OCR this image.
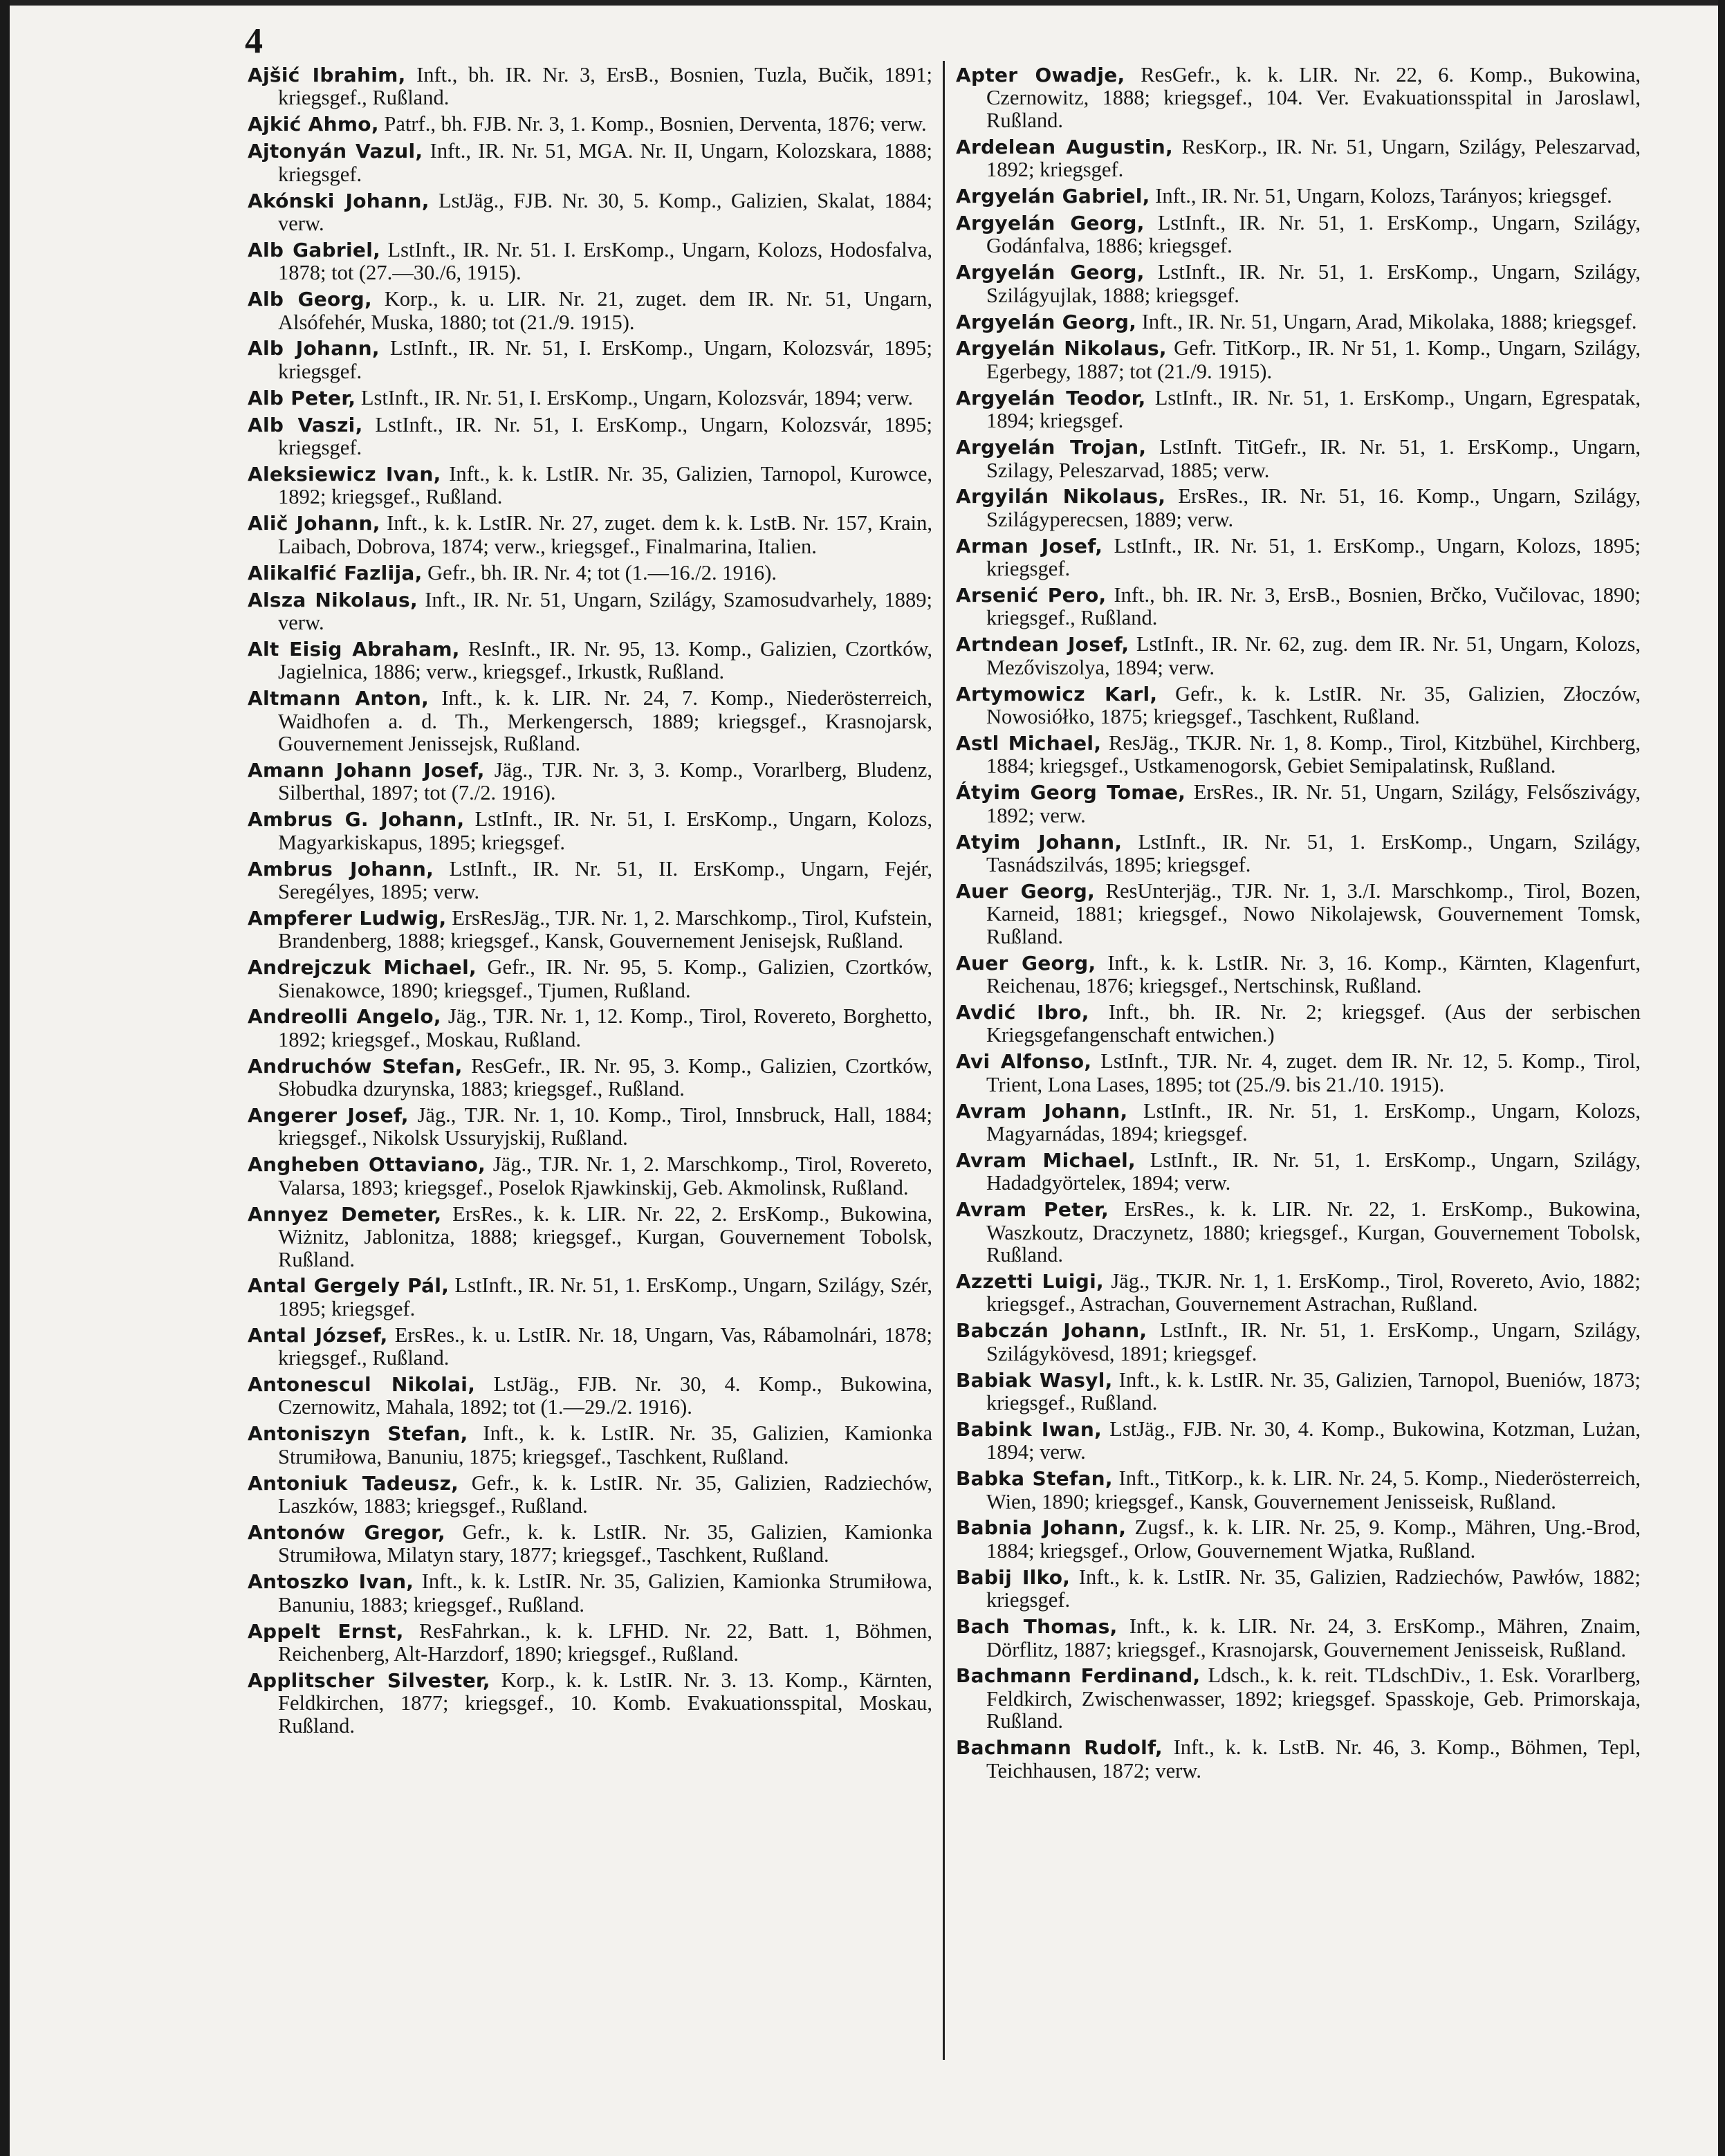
4

Ajšić Ibrahim, Inft., bh. IR. Nr. 3, ErsB., Bosnien, Tuzla, Bučik, 1891; kriegsgef., Rußland.

Ajkić Ahmo, Patrf., bh. FJB. Nr. 3, 1. Komp., Bosnien, Derventa, 1876; verw.

Ajtonyán Vazul, Inft., IR. Nr. 51, MGA. Nr. II, Ungarn, Kolozskara, 1888; kriegsgef.

Akónski Johann, LstJäg., FJB. Nr. 30, 5. Komp., Galizien, Skalat, 1884; verw.

Alb Gabriel, LstInft., IR. Nr. 51. I. ErsKomp., Ungarn, Kolozs, Hodosfalva, 1878; tot (27.—30./6, 1915).

Alb Georg, Korp., k. u. LIR. Nr. 21, zuget. dem IR. Nr. 51, Ungarn, Alsófehér, Muska, 1880; tot (21./9. 1915).

Alb Johann, LstInft., IR. Nr. 51, I. ErsKomp., Ungarn, Kolozsvár, 1895; kriegsgef.

Alb Peter, LstInft., IR. Nr. 51, I. ErsKomp., Ungarn, Kolozsvár, 1894; verw.

Alb Vaszi, LstInft., IR. Nr. 51, I. ErsKomp., Ungarn, Kolozsvár, 1895; kriegsgef.

Aleksiewicz Ivan, Inft., k. k. LstIR. Nr. 35, Galizien, Tarnopol, Kurowce, 1892; kriegsgef., Rußland.

Alič Johann, Inft., k. k. LstIR. Nr. 27, zuget. dem k. k. LstB. Nr. 157, Krain, Laibach, Dobrova, 1874; verw., kriegsgef., Finalmarina, Italien.

Alikalfić Fazlija, Gefr., bh. IR. Nr. 4; tot (1.—16./2. 1916).

Alsza Nikolaus, Inft., IR. Nr. 51, Ungarn, Szilágy, Szamosudvarhely, 1889; verw.

Alt Eisig Abraham, ResInft., IR. Nr. 95, 13. Komp., Galizien, Czortków, Jagielnica, 1886; verw., kriegsgef., Irkustk, Rußland.

Altmann Anton, Inft., k. k. LIR. Nr. 24, 7. Komp., Niederösterreich, Waidhofen a. d. Th., Merkengersch, 1889; kriegsgef., Krasnojarsk, Gouvernement Jenissejsk, Rußland.

Amann Johann Josef, Jäg., TJR. Nr. 3, 3. Komp., Vorarlberg, Bludenz, Silberthal, 1897; tot (7./2. 1916).

Ambrus G. Johann, LstInft., IR. Nr. 51, I. ErsKomp., Ungarn, Kolozs, Magyarkiskapus, 1895; kriegsgef.

Ambrus Johann, LstInft., IR. Nr. 51, II. ErsKomp., Ungarn, Fejér, Seregélyes, 1895; verw.

Ampferer Ludwig, ErsResJäg., TJR. Nr. 1, 2. Marschkomp., Tirol, Kufstein, Brandenberg, 1888; kriegsgef., Kansk, Gouvernement Jenisejsk, Rußland.

Andrejczuk Michael, Gefr., IR. Nr. 95, 5. Komp., Galizien, Czortków, Sienakowce, 1890; kriegsgef., Tjumen, Rußland.

Andreolli Angelo, Jäg., TJR. Nr. 1, 12. Komp., Tirol, Rovereto, Borghetto, 1892; kriegsgef., Moskau, Rußland.

Andruchów Stefan, ResGefr., IR. Nr. 95, 3. Komp., Galizien, Czortków, Słobudka dzurynska, 1883; kriegsgef., Rußland.

Angerer Josef, Jäg., TJR. Nr. 1, 10. Komp., Tirol, Innsbruck, Hall, 1884; kriegsgef., Nikolsk Ussuryjskij, Rußland.

Angheben Ottaviano, Jäg., TJR. Nr. 1, 2. Marschkomp., Tirol, Rovereto, Valarsa, 1893; kriegsgef., Poselok Rjawkinskij, Geb. Akmolinsk, Rußland.

Annyez Demeter, ErsRes., k. k. LIR. Nr. 22, 2. ErsKomp., Bukowina, Wiżnitz, Jablonitza, 1888; kriegsgef., Kurgan, Gouvernement Tobolsk, Rußland.

Antal Gergely Pál, LstInft., IR. Nr. 51, 1. ErsKomp., Ungarn, Szilágy, Szér, 1895; kriegsgef.

Antal József, ErsRes., k. u. LstIR. Nr. 18, Ungarn, Vas, Rábamolnári, 1878; kriegsgef., Rußland.

Antonescul Nikolai, LstJäg., FJB. Nr. 30, 4. Komp., Bukowina, Czernowitz, Mahala, 1892; tot (1.—29./2. 1916).

Antoniszyn Stefan, Inft., k. k. LstIR. Nr. 35, Galizien, Kamionka Strumiłowa, Banuniu, 1875; kriegsgef., Taschkent, Rußland.

Antoniuk Tadeusz, Gefr., k. k. LstIR. Nr. 35, Galizien, Radziechów, Laszków, 1883; kriegsgef., Rußland.

Antonów Gregor, Gefr., k. k. LstIR. Nr. 35, Galizien, Kamionka Strumiłowa, Milatyn stary, 1877; kriegsgef., Taschkent, Rußland.

Antoszko Ivan, Inft., k. k. LstIR. Nr. 35, Galizien, Kamionka Strumiłowa, Banuniu, 1883; kriegsgef., Rußland.

Appelt Ernst, ResFahrkan., k. k. LFHD. Nr. 22, Batt. 1, Böhmen, Reichenberg, Alt-Harzdorf, 1890; kriegsgef., Rußland.

Applitscher Silvester, Korp., k. k. LstIR. Nr. 3. 13. Komp., Kärnten, Feldkirchen, 1877; kriegsgef., 10. Komb. Evakuationsspital, Moskau, Rußland.

Apter Owadje, ResGefr., k. k. LIR. Nr. 22, 6. Komp., Bukowina, Czernowitz, 1888; kriegsgef., 104. Ver. Evakuationsspital in Jaroslawl, Rußland.

Ardelean Augustin, ResKorp., IR. Nr. 51, Ungarn, Szilágy, Peleszarvad, 1892; kriegsgef.

Argyelán Gabriel, Inft., IR. Nr. 51, Ungarn, Kolozs, Tarányos; kriegsgef.

Argyelán Georg, LstInft., IR. Nr. 51, 1. ErsKomp., Ungarn, Szilágy, Godánfalva, 1886; kriegsgef.

Argyelán Georg, LstInft., IR. Nr. 51, 1. ErsKomp., Ungarn, Szilágy, Szilágyujlak, 1888; kriegsgef.

Argyelán Georg, Inft., IR. Nr. 51, Ungarn, Arad, Mikolaka, 1888; kriegsgef.

Argyelán Nikolaus, Gefr. TitKorp., IR. Nr 51, 1. Komp., Ungarn, Szilágy, Egerbegy, 1887; tot (21./9. 1915).

Argyelán Teodor, LstInft., IR. Nr. 51, 1. ErsKomp., Ungarn, Egrespatak, 1894; kriegsgef.

Argyelán Trojan, LstInft. TitGefr., IR. Nr. 51, 1. ErsKomp., Ungarn, Szilagy, Peleszarvad, 1885; verw.

Argyilán Nikolaus, ErsRes., IR. Nr. 51, 16. Komp., Ungarn, Szilágy, Szilágyperecsen, 1889; verw.

Arman Josef, LstInft., IR. Nr. 51, 1. ErsKomp., Ungarn, Kolozs, 1895; kriegsgef.

Arsenić Pero, Inft., bh. IR. Nr. 3, ErsB., Bosnien, Brčko, Vučilovac, 1890; kriegsgef., Rußland.

Artndean Josef, LstInft., IR. Nr. 62, zug. dem IR. Nr. 51, Ungarn, Kolozs, Mezőviszolya, 1894; verw.

Artymowicz Karl, Gefr., k. k. LstIR. Nr. 35, Galizien, Złoczów, Nowosiółko, 1875; kriegsgef., Taschkent, Rußland.

Astl Michael, ResJäg., TKJR. Nr. 1, 8. Komp., Tirol, Kitzbühel, Kirchberg, 1884; kriegsgef., Ustkamenogorsk, Gebiet Semipalatinsk, Rußland.

Átyim Georg Tomae, ErsRes., IR. Nr. 51, Ungarn, Szilágy, Felsőszivágy, 1892; verw.

Atyim Johann, LstInft., IR. Nr. 51, 1. ErsKomp., Ungarn, Szilágy, Tasnádszilvás, 1895; kriegsgef.

Auer Georg, ResUnterjäg., TJR. Nr. 1, 3./I. Marschkomp., Tirol, Bozen, Karneid, 1881; kriegsgef., Nowo Nikolajewsk, Gouvernement Tomsk, Rußland.

Auer Georg, Inft., k. k. LstIR. Nr. 3, 16. Komp., Kärnten, Klagenfurt, Reichenau, 1876; kriegsgef., Nertschinsk, Rußland.

Avdić Ibro, Inft., bh. IR. Nr. 2; kriegsgef. (Aus der serbischen Kriegsgefangenschaft entwichen.)

Avi Alfonso, LstInft., TJR. Nr. 4, zuget. dem IR. Nr. 12, 5. Komp., Tirol, Trient, Lona Lases, 1895; tot (25./9. bis 21./10. 1915).

Avram Johann, LstInft., IR. Nr. 51, 1. ErsKomp., Ungarn, Kolozs, Magyarnádas, 1894; kriegsgef.

Avram Michael, LstInft., IR. Nr. 51, 1. ErsKomp., Ungarn, Szilágy, Hadadgyörteleк, 1894; verw.

Avram Peter, ErsRes., k. k. LIR. Nr. 22, 1. ErsKomp., Bukowina, Waszkoutz, Draczynetz, 1880; kriegsgef., Kurgan, Gouvernement Tobolsk, Rußland.

Azzetti Luigi, Jäg., TKJR. Nr. 1, 1. ErsKomp., Tirol, Rovereto, Avio, 1882; kriegsgef., Astrachan, Gouvernement Astrachan, Rußland.

Babczán Johann, LstInft., IR. Nr. 51, 1. ErsKomp., Ungarn, Szilágy, Szilágykövesd, 1891; kriegsgef.

Babiak Wasyl, Inft., k. k. LstIR. Nr. 35, Galizien, Tarnopol, Bueniów, 1873; kriegsgef., Rußland.

Babink Iwan, LstJäg., FJB. Nr. 30, 4. Komp., Bukowina, Kotzman, Lużan, 1894; verw.

Babka Stefan, Inft., TitKorp., k. k. LIR. Nr. 24, 5. Komp., Niederösterreich, Wien, 1890; kriegsgef., Kansk, Gouvernement Jenisseisk, Rußland.

Babnia Johann, Zugsf., k. k. LIR. Nr. 25, 9. Komp., Mähren, Ung.-Brod, 1884; kriegsgef., Orlow, Gouvernement Wjatka, Rußland.

Babij Ilko, Inft., k. k. LstIR. Nr. 35, Galizien, Radziechów, Pawłów, 1882; kriegsgef.

Bach Thomas, Inft., k. k. LIR. Nr. 24, 3. ErsKomp., Mähren, Znaim, Dörflitz, 1887; kriegsgef., Krasnojarsk, Gouvernement Jenisseisk, Rußland.

Bachmann Ferdinand, Ldsch., k. k. reit. TLdschDiv., 1. Esk. Vorarlberg, Feldkirch, Zwischenwasser, 1892; kriegsgef. Spasskoje, Geb. Primorskaja, Rußland.

Bachmann Rudolf, Inft., k. k. LstB. Nr. 46, 3. Komp., Böhmen, Tepl, Teichhausen, 1872; verw.
